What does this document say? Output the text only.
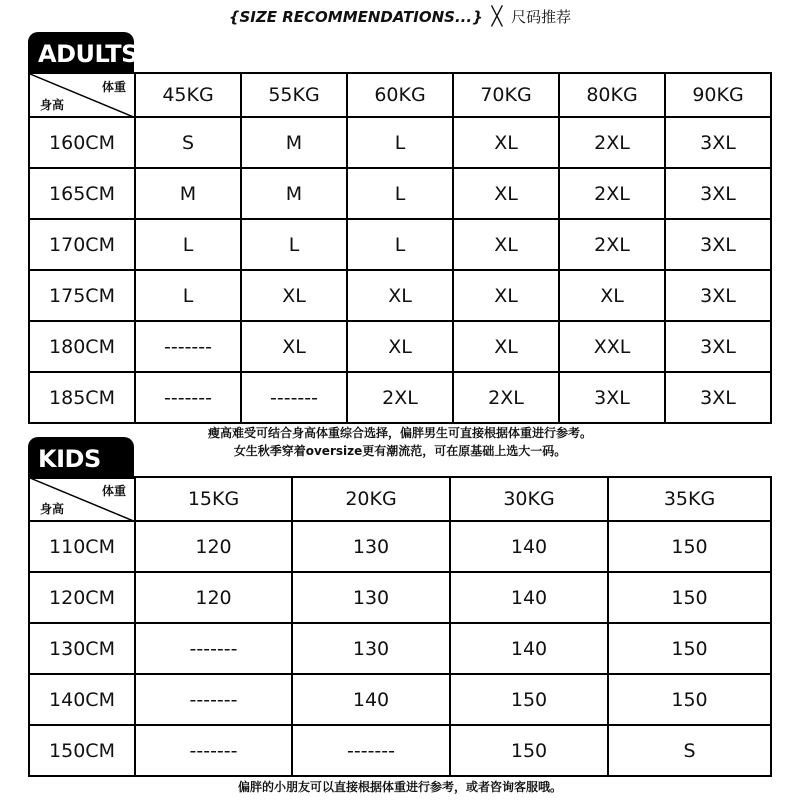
{SIZE RECOMMENDATIONS...} ╳ 尺码推荐
ADULTS
体重
身高	45KG	55KG	60KG	70KG	80KG	90KG
160CM	S	M	L	XL	2XL	3XL
165CM	M	M	L	XL	2XL	3XL
170CM	L	L	L	XL	2XL	3XL
175CM	L	XL	XL	XL	XL	3XL
180CM	-------	XL	XL	XL	XXL	3XL
185CM	-------	-------	2XL	2XL	3XL	3XL
瘦高难受可结合身高体重综合选择，偏胖男生可直接根据体重进行参考。
女生秋季穿着oversize更有潮流范，可在原基础上选大一码。
KIDS
体重
身高	15KG	20KG	30KG	35KG
110CM	120	130	140	150
120CM	120	130	140	150
130CM	-------	130	140	150
140CM	-------	140	150	150
150CM	-------	-------	150	S
偏胖的小朋友可以直接根据体重进行参考，或者咨询客服哦。
